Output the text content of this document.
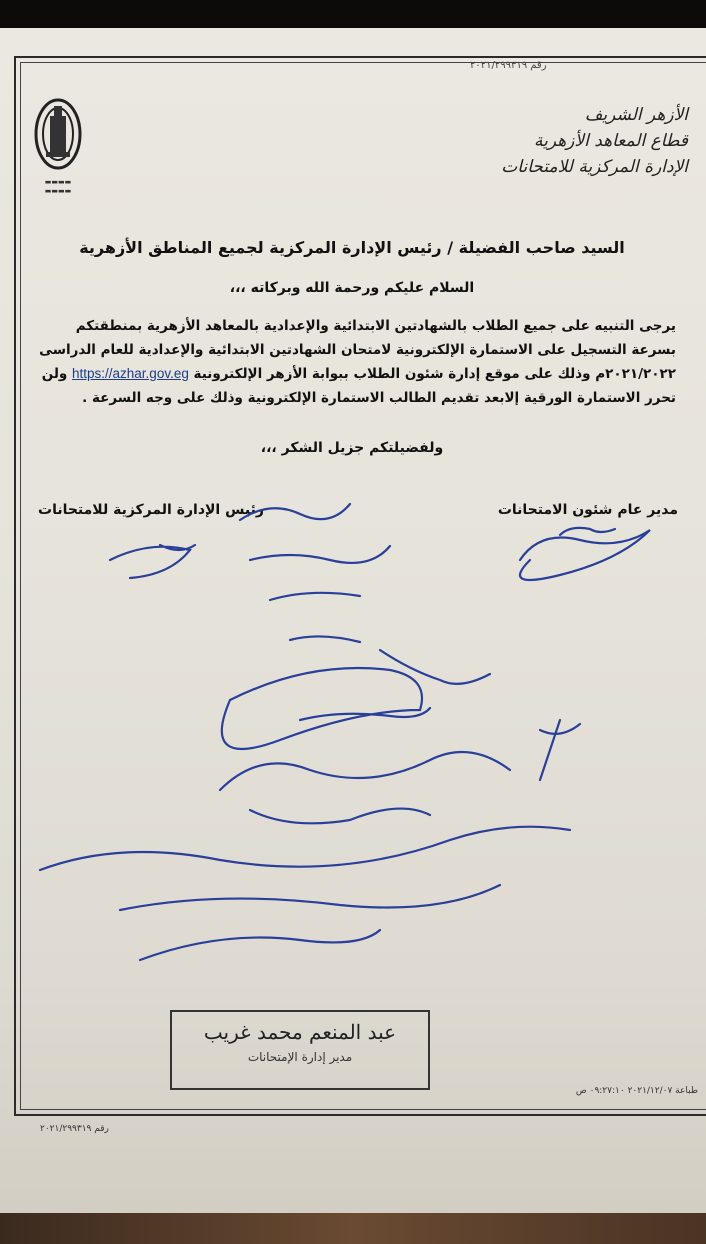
رقم ٢٠٢١/٢٩٩٣١٩
▬▬▬▬
▬▬▬▬
الأزهر الشريف
قطاع المعاهد الأزهرية
الإدارة المركزية للامتحانات
السيد صاحب الفضيلة / رئيس الإدارة المركزية لجميع المناطق الأزهرية
السلام عليكم ورحمة الله وبركاته ،،،
يرجى التنبيه على جميع الطلاب بالشهادتين الابتدائية والإعدادية بالمعاهد الأزهرية بمنطقتكم بسرعة التسجيل على الاستمارة الإلكترونية لامتحان الشهادتين الابتدائية والإعدادية للعام الدراسى ٢٠٢١/٢٠٢٢م وذلك على موقع إدارة شئون الطلاب ببوابة الأزهر الإلكترونية https://azhar.gov.eg ولن تحرر الاستمارة الورقية إلابعد تقديم الطالب الاستمارة الإلكترونية وذلك على وجه السرعة .
ولفضيلتكم جزيل الشكر ،،،
مدير عام شئون الامتحانات
رئيس الإدارة المركزية للامتحانات
عبد المنعم محمد غريب
مدير إدارة الإمتحانات
رقم ٢٠٢١/٢٩٩٣١٩
طباعة ٢٠٢١/١٢/٠٧ ٠٩:٢٧:١٠ ص
